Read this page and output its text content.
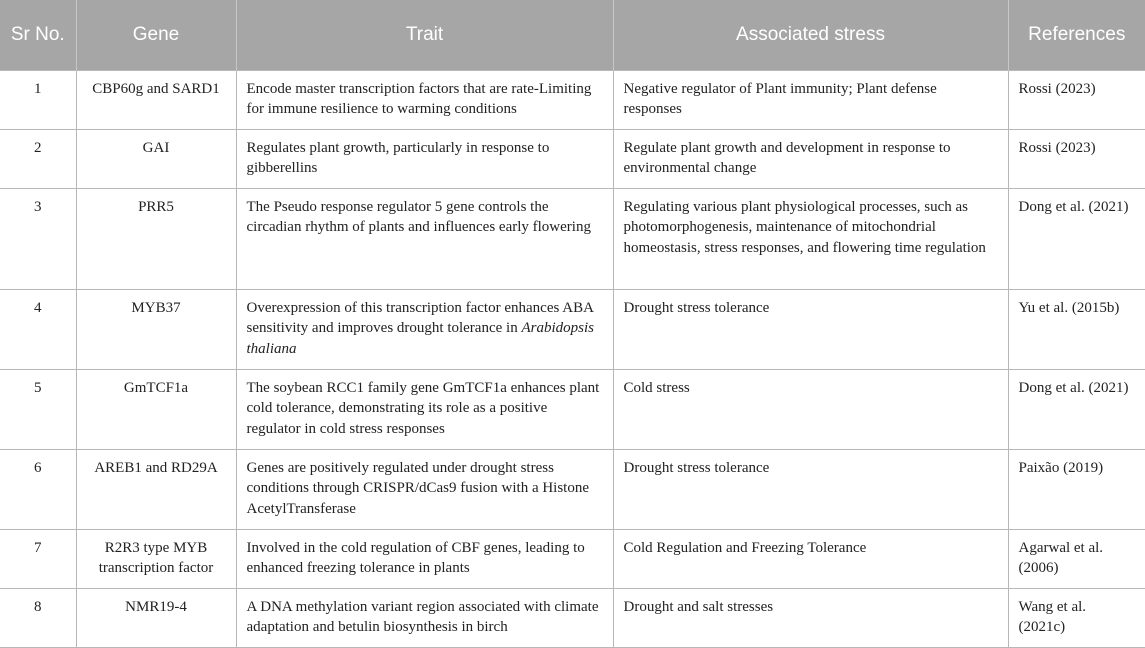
Sr No.	Gene	Trait	Associated stress	References
1	CBP60g and SARD1	Encode master transcription factors that are rate-Limiting for immune resilience to warming conditions	Negative regulator of Plant immunity; Plant defense responses	Rossi (2023)
2	GAI	Regulates plant growth, particularly in response to gibberellins	Regulate plant growth and development in response to environmental change	Rossi (2023)
3	PRR5	The Pseudo response regulator 5 gene controls the circadian rhythm of plants and influences early flowering	Regulating various plant physiological processes, such as photomorphogenesis, maintenance of mitochondrial homeostasis, stress responses, and flowering time regulation	Dong et al. (2021)
4	MYB37	Overexpression of this transcription factor enhances ABA sensitivity and improves drought tolerance in Arabidopsis thaliana	Drought stress tolerance	Yu et al. (2015b)
5	GmTCF1a	The soybean RCC1 family gene GmTCF1a enhances plant cold tolerance, demonstrating its role as a positive regulator in cold stress responses	Cold stress	Dong et al. (2021)
6	AREB1 and RD29A	Genes are positively regulated under drought stress conditions through CRISPR/dCas9 fusion with a Histone AcetylTransferase	Drought stress tolerance	Paixão (2019)
7	R2R3 type MYB transcription factor	Involved in the cold regulation of CBF genes, leading to enhanced freezing tolerance in plants	Cold Regulation and Freezing Tolerance	Agarwal et al. (2006)
8	NMR19-4	A DNA methylation variant region associated with climate adaptation and betulin biosynthesis in birch	Drought and salt stresses	Wang et al. (2021c)
